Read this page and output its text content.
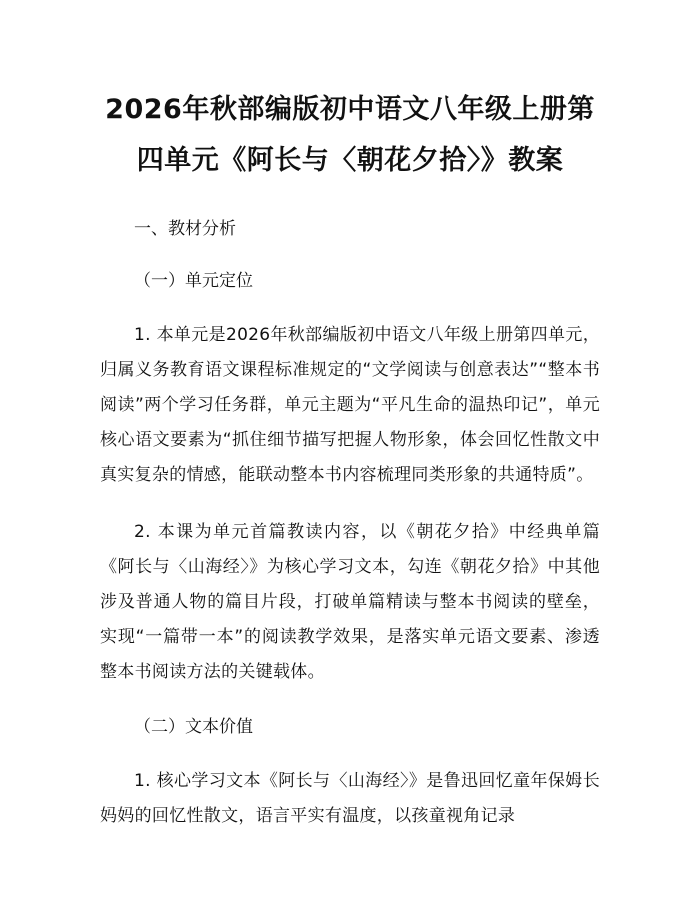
2026年秋部编版初中语文八年级上册第四单元《阿长与〈朝花夕拾〉》教案
一、教材分析
（一）单元定位

1. 本单元是2026年秋部编版初中语文八年级上册第四单元，归属义务教育语文课程标准规定的“文学阅读与创意表达”“整本书阅读”两个学习任务群，单元主题为“平凡生命的温热印记”，单元核心语文要素为“抓住细节描写把握人物形象，体会回忆性散文中真实复杂的情感，能联动整本书内容梳理同类形象的共通特质”。

2. 本课为单元首篇教读内容，以《朝花夕拾》中经典单篇《阿长与〈山海经〉》为核心学习文本，勾连《朝花夕拾》中其他涉及普通人物的篇目片段，打破单篇精读与整本书阅读的壁垒，实现“一篇带一本”的阅读教学效果，是落实单元语文要素、渗透整本书阅读方法的关键载体。

（二）文本价值

1. 核心学习文本《阿长与〈山海经〉》是鲁迅回忆童年保姆长妈妈的回忆性散文，语言平实有温度，以孩童视角记录
